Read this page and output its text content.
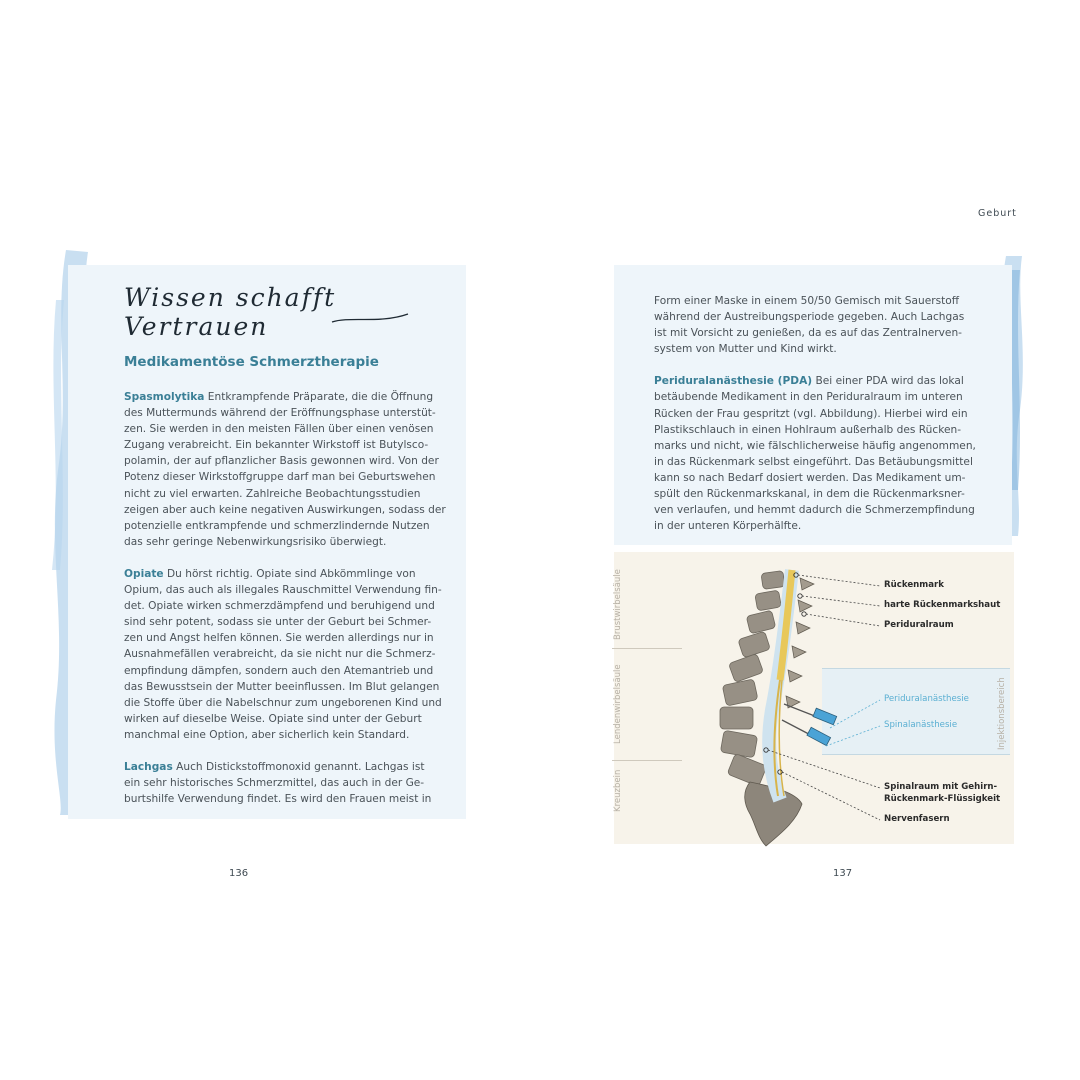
Wissen schafft Vertrauen
Medikamentöse Schmerztherapie

Spasmolytika Entkrampfende Präparate, die die Öffnung
des Muttermunds während der Eröffnungsphase unterstüt-
zen. Sie werden in den meisten Fällen über einen venösen
Zugang verabreicht. Ein bekannter Wirkstoff ist Butylsco-
polamin, der auf pflanzlicher Basis gewonnen wird. Von der
Potenz dieser Wirkstoffgruppe darf man bei Geburtswehen
nicht zu viel erwarten. Zahlreiche Beobachtungsstudien
zeigen aber auch keine negativen Auswirkungen, sodass der
potenzielle entkrampfende und schmerzlindernde Nutzen
das sehr geringe Nebenwirkungsrisiko überwiegt.

Opiate Du hörst richtig. Opiate sind Abkömmlinge von
Opium, das auch als illegales Rauschmittel Verwendung fin-
det. Opiate wirken schmerzdämpfend und beruhigend und
sind sehr potent, sodass sie unter der Geburt bei Schmer-
zen und Angst helfen können. Sie werden allerdings nur in
Ausnahmefällen verabreicht, da sie nicht nur die Schmerz-
empfindung dämpfen, sondern auch den Atemantrieb und
das Bewusstsein der Mutter beeinflussen. Im Blut gelangen
die Stoffe über die Nabelschnur zum ungeborenen Kind und
wirken auf dieselbe Weise. Opiate sind unter der Geburt
manchmal eine Option, aber sicherlich kein Standard.

Lachgas Auch Distickstoffmonoxid genannt. Lachgas ist
ein sehr historisches Schmerzmittel, das auch in der Ge-
burtshilfe Verwendung findet. Es wird den Frauen meist in

136
Geburt

Form einer Maske in einem 50/50 Gemisch mit Sauerstoff
während der Austreibungsperiode gegeben. Auch Lachgas
ist mit Vorsicht zu genießen, da es auf das Zentralnerven-
system von Mutter und Kind wirkt.

Periduralanästhesie (PDA) Bei einer PDA wird das lokal
betäubende Medikament in den Periduralraum im unteren
Rücken der Frau gespritzt (vgl. Abbildung). Hierbei wird ein
Plastikschlauch in einen Hohlraum außerhalb des Rücken-
marks und nicht, wie fälschlicherweise häufig angenommen,
in das Rückenmark selbst eingeführt. Das Betäubungsmittel
kann so nach Bedarf dosiert werden. Das Medikament um-
spült den Rückenmarkskanal, in dem die Rückenmarksner-
ven verlaufen, und hemmt dadurch die Schmerzempfindung
in der unteren Körperhälfte.

Brustwirbelsäule
Lendenwirbelsäule
Kreuzbein
Injektionsbereich
Rückenmark
harte Rückenmarkshaut
Periduralraum
Periduralanästhesie
Spinalanästhesie
Spinalraum mit Gehirn-
Rückenmark-Flüssigkeit
Nervenfasern
137
